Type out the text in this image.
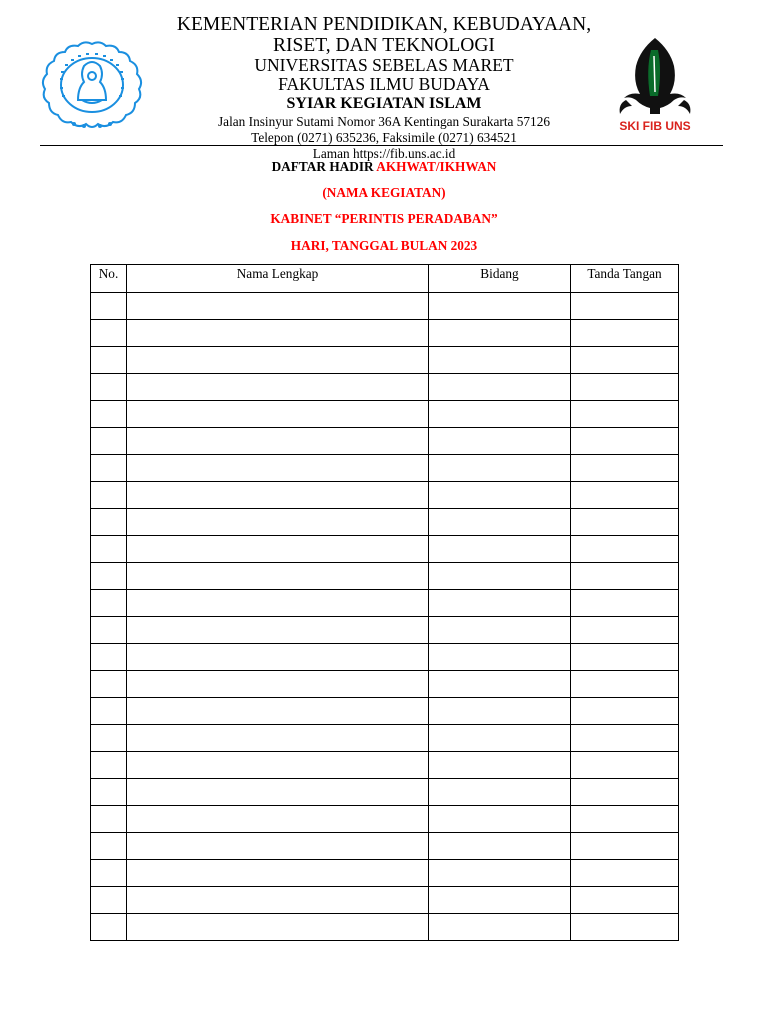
KEMENTERIAN PENDIDIKAN, KEBUDAYAAN,
RISET, DAN TEKNOLOGI
UNIVERSITAS SEBELAS MARET
FAKULTAS ILMU BUDAYA
SYIAR KEGIATAN ISLAM
Jalan Insinyur Sutami Nomor 36A Kentingan Surakarta 57126
Telepon (0271) 635236, Faksimile (0271) 634521
Laman https://fib.uns.ac.id
SKI FIB UNS
DAFTAR HADIR AKHWAT/IKHWAN
(NAMA KEGIATAN)
KABINET “PERINTIS PERADABAN”
HARI, TANGGAL BULAN 2023
No.	Nama Lengkap	Bidang	Tanda Tangan
